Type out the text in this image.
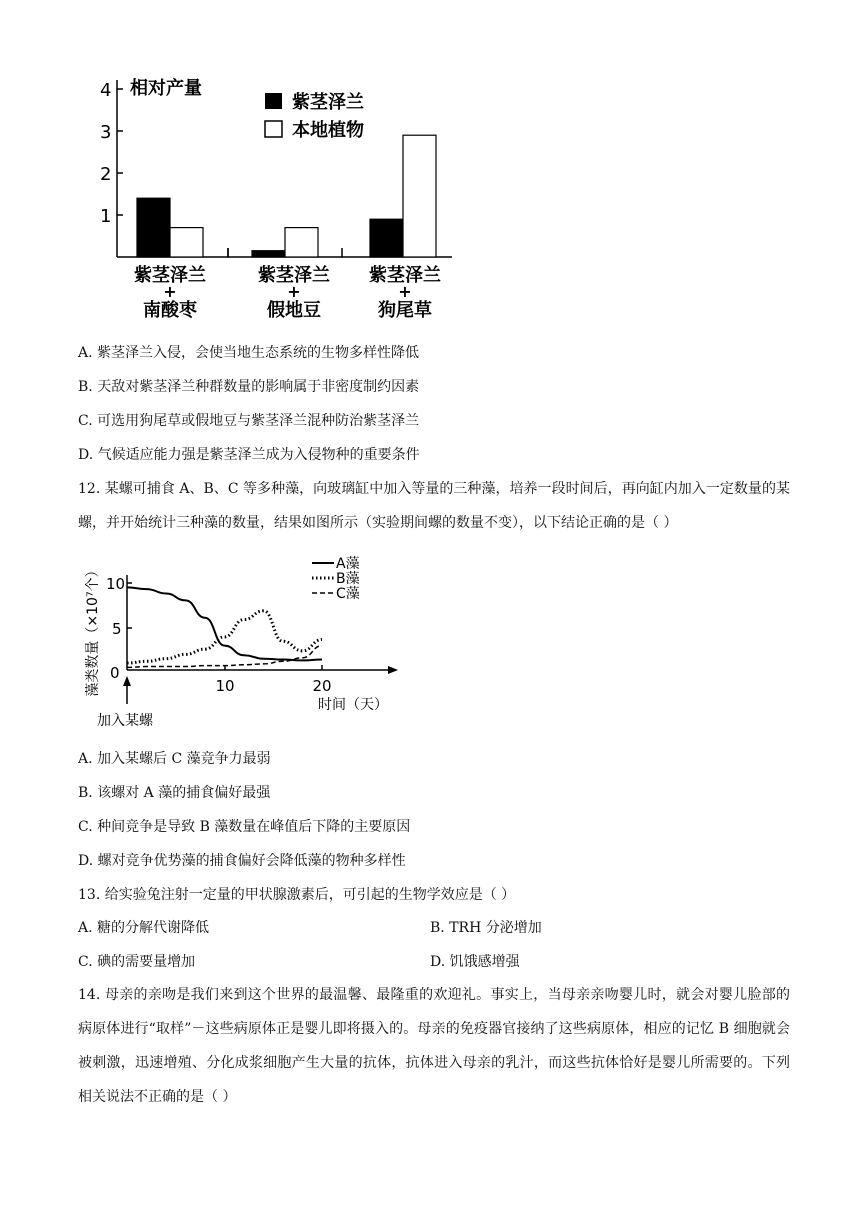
4
3
2
1
相对产量
紫茎泽兰
本地植物
紫茎泽兰
+
南酸枣
紫茎泽兰
+
假地豆
紫茎泽兰
+
狗尾草
A. 紫茎泽兰入侵，会使当地生态系统的生物多样性降低
B. 天敌对紫茎泽兰种群数量的影响属于非密度制约因素
C. 可选用狗尾草或假地豆与紫茎泽兰混种防治紫茎泽兰
D. 气候适应能力强是紫茎泽兰成为入侵物种的重要条件
12. 某螺可捕食 A、B、C 等多种藻，向玻璃缸中加入等量的三种藻，培养一段时间后，再向缸内加入一定数量的某螺，并开始统计三种藻的数量，结果如图所示（实验期间螺的数量不变），以下结论正确的是（ ）
藻类数量（×10⁷个） 10
5
0
10	20
时间（天）
A藻
B藻
C藻
加入某螺
A. 加入某螺后 C 藻竞争力最弱
B. 该螺对 A 藻的捕食偏好最强
C. 种间竞争是导致 B 藻数量在峰值后下降的主要原因
D. 螺对竞争优势藻的捕食偏好会降低藻的物种多样性
13. 给实验兔注射一定量的甲状腺激素后，可引起的生物学效应是（ ）
A. 糖的分解代谢降低	B. TRH 分泌增加
C. 碘的需要量增加	D. 饥饿感增强
14. 母亲的亲吻是我们来到这个世界的最温馨、最隆重的欢迎礼。事实上，当母亲亲吻婴儿时，就会对婴儿脸部的病原体进行“取样”－这些病原体正是婴儿即将摄入的。母亲的免疫器官接纳了这些病原体，相应的记忆 B 细胞就会被刺激，迅速增殖、分化成浆细胞产生大量的抗体，抗体进入母亲的乳汁，而这些抗体恰好是婴儿所需要的。下列相关说法不正确的是（ ）
